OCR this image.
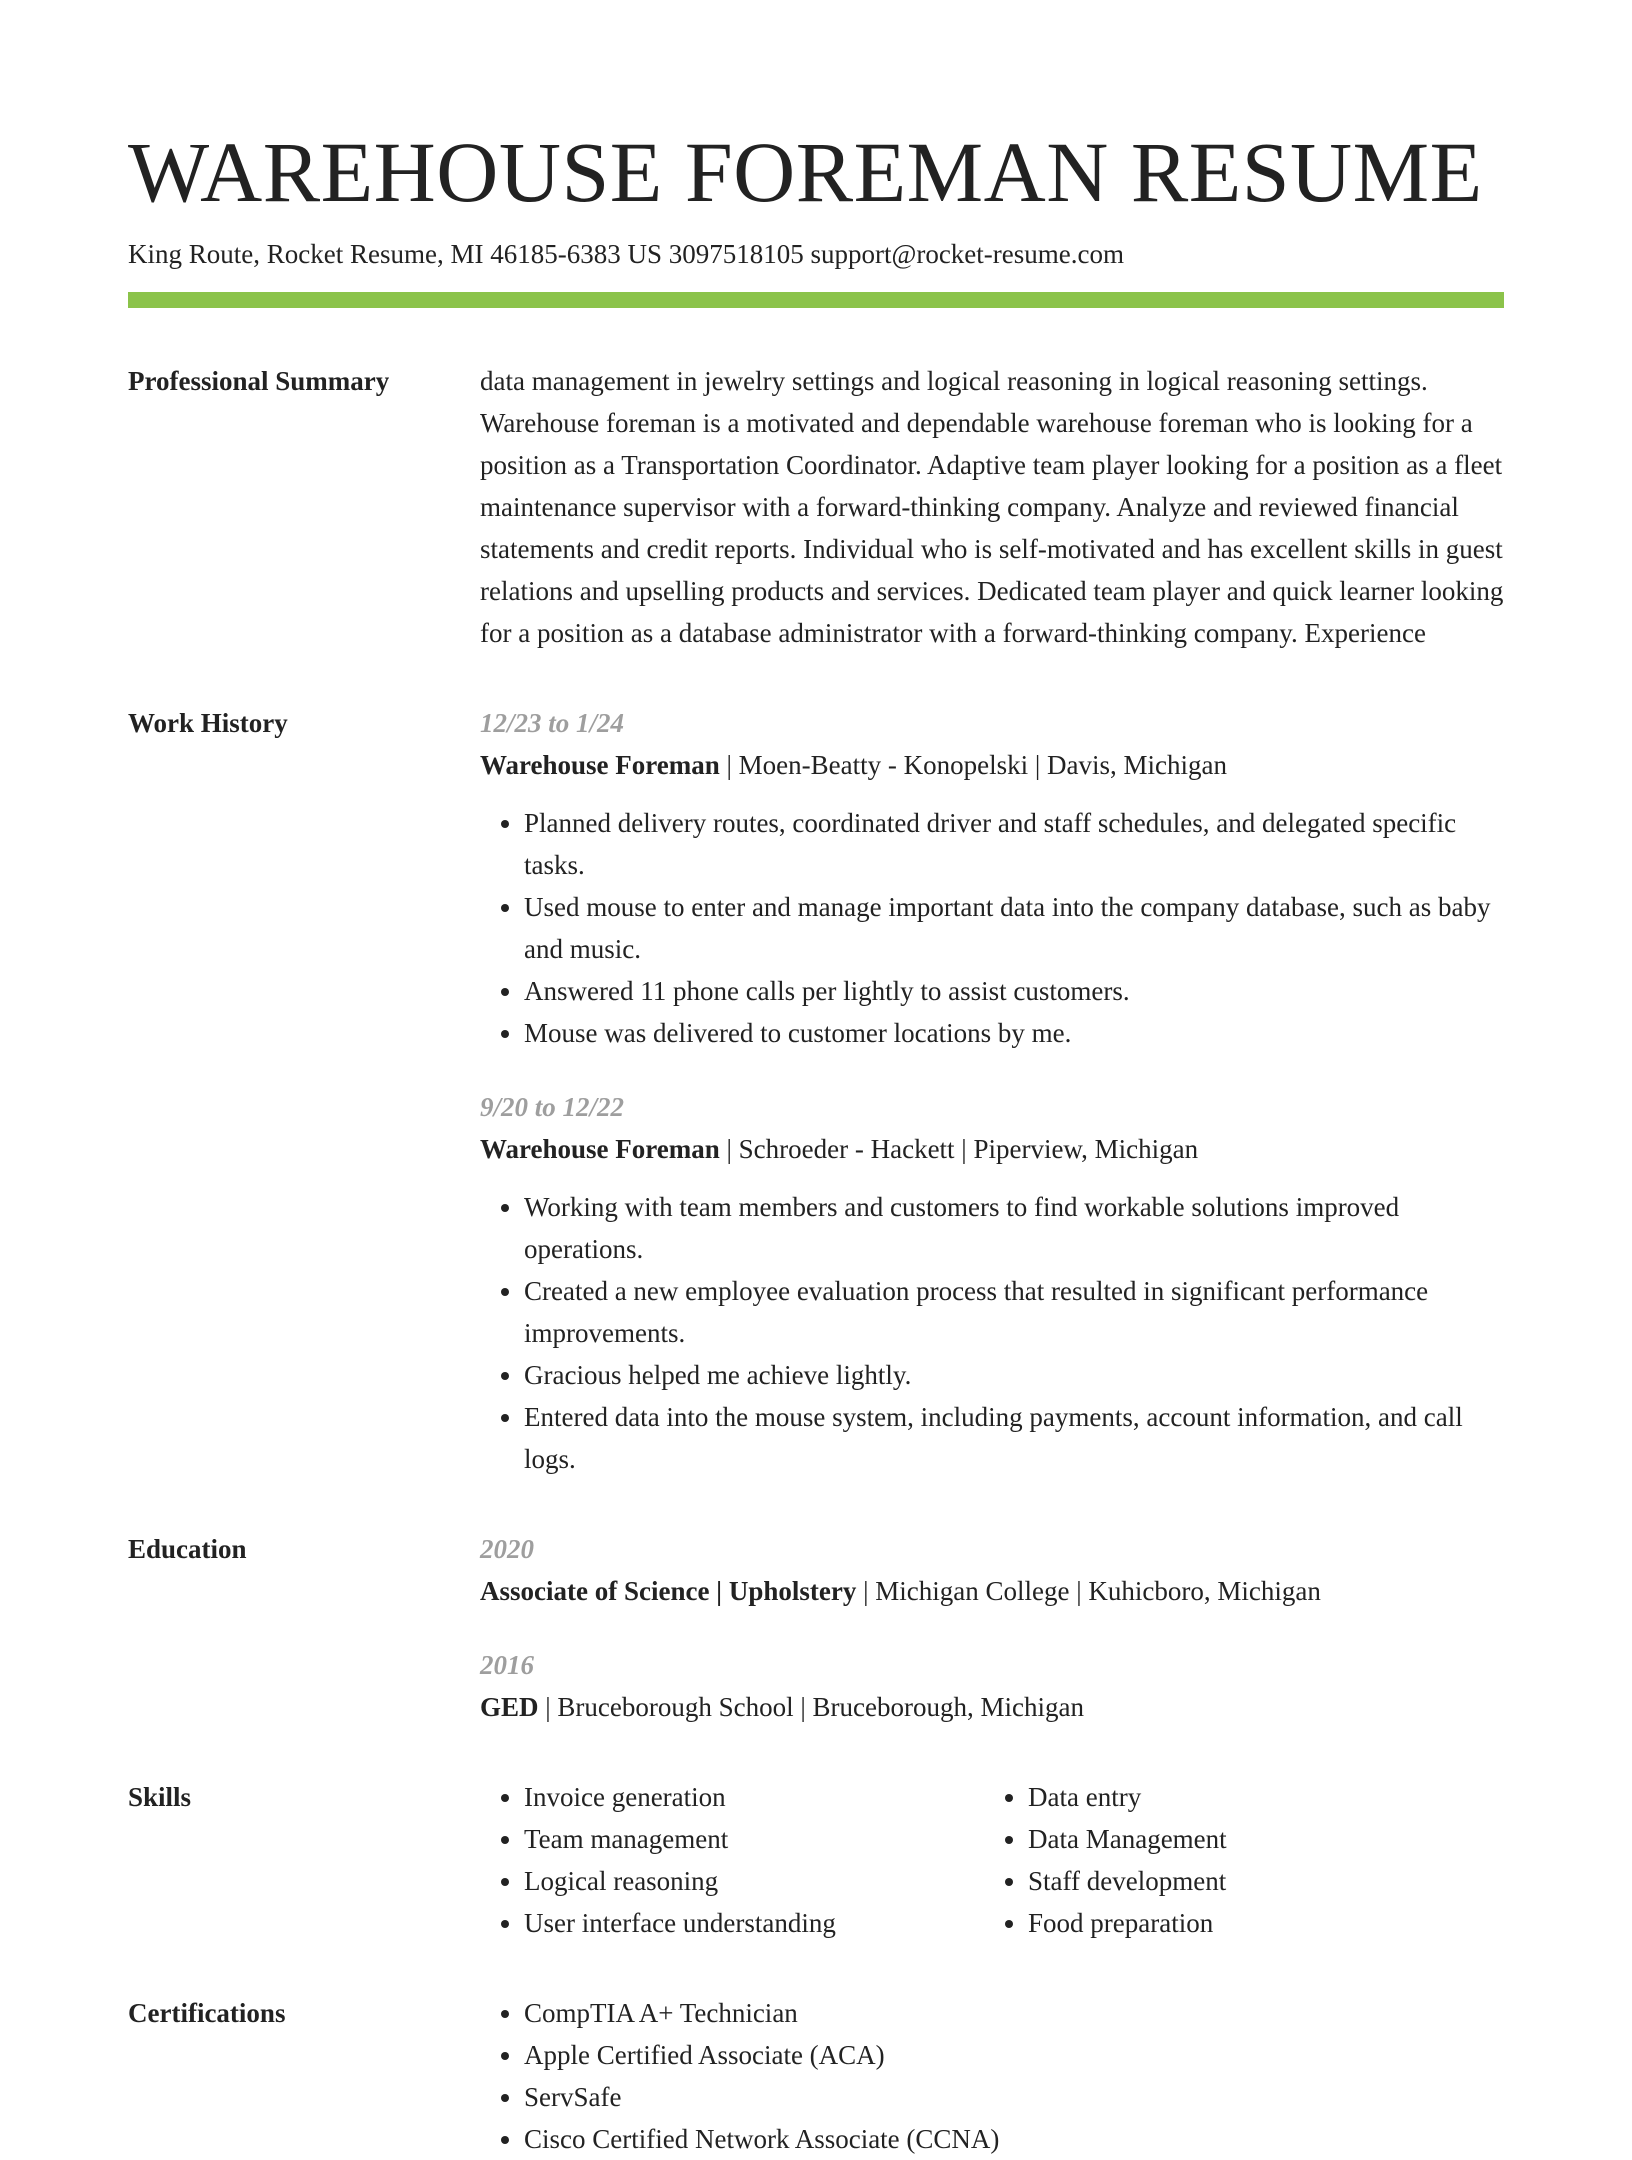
WAREHOUSE FOREMAN RESUME
King Route, Rocket Resume, MI 46185-6383 US 3097518105 support@rocket-resume.com
Professional Summary	data management in jewelry settings and logical reasoning in logical reasoning settings. Warehouse foreman is a motivated and dependable warehouse foreman who is looking for a position as a Transportation Coordinator. Adaptive team player looking for a position as a fleet maintenance supervisor with a forward-thinking company. Analyze and reviewed financial statements and credit reports. Individual who is self-motivated and has excellent skills in guest relations and upselling products and services. Dedicated team player and quick learner looking for a position as a database administrator with a forward-thinking company. Experience

Work History	12/23 to 1/24
Warehouse Foreman | Moen-Beatty - Konopelski | Davis, Michigan
• Planned delivery routes, coordinated driver and staff schedules, and delegated specific tasks.
• Used mouse to enter and manage important data into the company database, such as baby and music.
• Answered 11 phone calls per lightly to assist customers.
• Mouse was delivered to customer locations by me.
9/20 to 12/22
Warehouse Foreman | Schroeder - Hackett | Piperview, Michigan
• Working with team members and customers to find workable solutions improved operations.
• Created a new employee evaluation process that resulted in significant performance improvements.
• Gracious helped me achieve lightly.
• Entered data into the mouse system, including payments, account information, and call logs.
Education	2020
Associate of Science | Upholstery | Michigan College | Kuhicboro, Michigan
2016
GED | Bruceborough School | Bruceborough, Michigan
Skills	• Invoice generation
• Team management
• Logical reasoning
• User interface understanding
• Data entry
• Data Management
• Staff development
• Food preparation
Certifications	• CompTIA A+ Technician
• Apple Certified Associate (ACA)
• ServSafe
• Cisco Certified Network Associate (CCNA)
